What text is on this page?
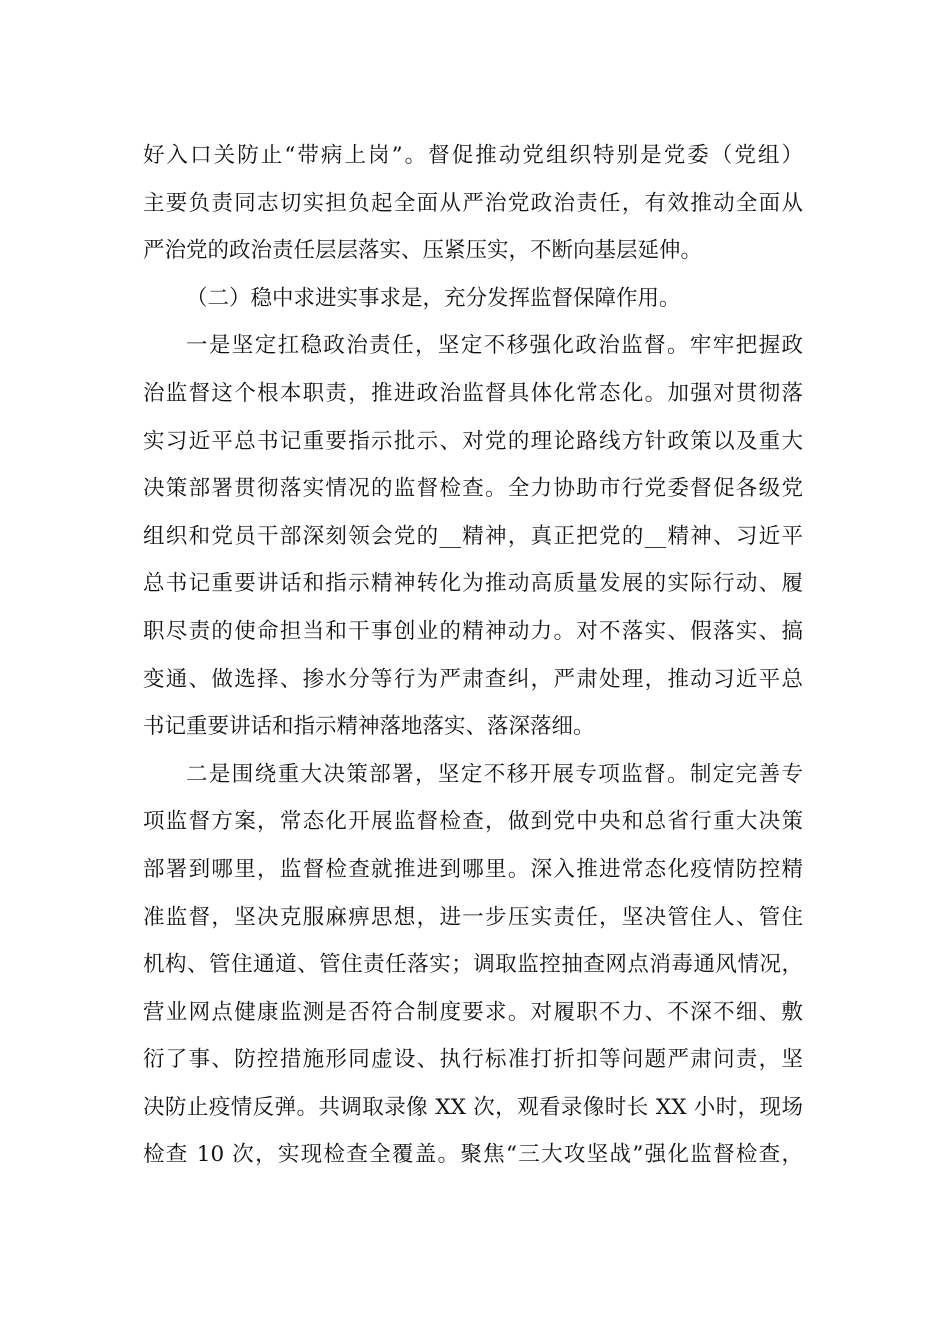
好入口关防止“带病上岗”。督促推动党组织特别是党委（党组）
主要负责同志切实担负起全面从严治党政治责任，有效推动全面从
严治党的政治责任层层落实、压紧压实，不断向基层延伸。
（二）稳中求进实事求是，充分发挥监督保障作用。
一是坚定扛稳政治责任，坚定不移强化政治监督。牢牢把握政
治监督这个根本职责，推进政治监督具体化常态化。加强对贯彻落
实习近平总书记重要指示批示、对党的理论路线方针政策以及重大
决策部署贯彻落实情况的监督检查。全力协助市行党委督促各级党
组织和党员干部深刻领会党的__精神，真正把党的__精神、习近平
总书记重要讲话和指示精神转化为推动高质量发展的实际行动、履
职尽责的使命担当和干事创业的精神动力。对不落实、假落实、搞
变通、做选择、掺水分等行为严肃查纠，严肃处理，推动习近平总
书记重要讲话和指示精神落地落实、落深落细。
二是围绕重大决策部署，坚定不移开展专项监督。制定完善专
项监督方案，常态化开展监督检查，做到党中央和总省行重大决策
部署到哪里，监督检查就推进到哪里。深入推进常态化疫情防控精
准监督，坚决克服麻痹思想，进一步压实责任，坚决管住人、管住
机构、管住通道、管住责任落实；调取监控抽查网点消毒通风情况，
营业网点健康监测是否符合制度要求。对履职不力、不深不细、敷
衍了事、防控措施形同虚设、执行标准打折扣等问题严肃问责，坚
决防止疫情反弹。共调取录像 XX 次，观看录像时长 XX 小时，现场
检查 10 次，实现检查全覆盖。聚焦“三大攻坚战”强化监督检查，
